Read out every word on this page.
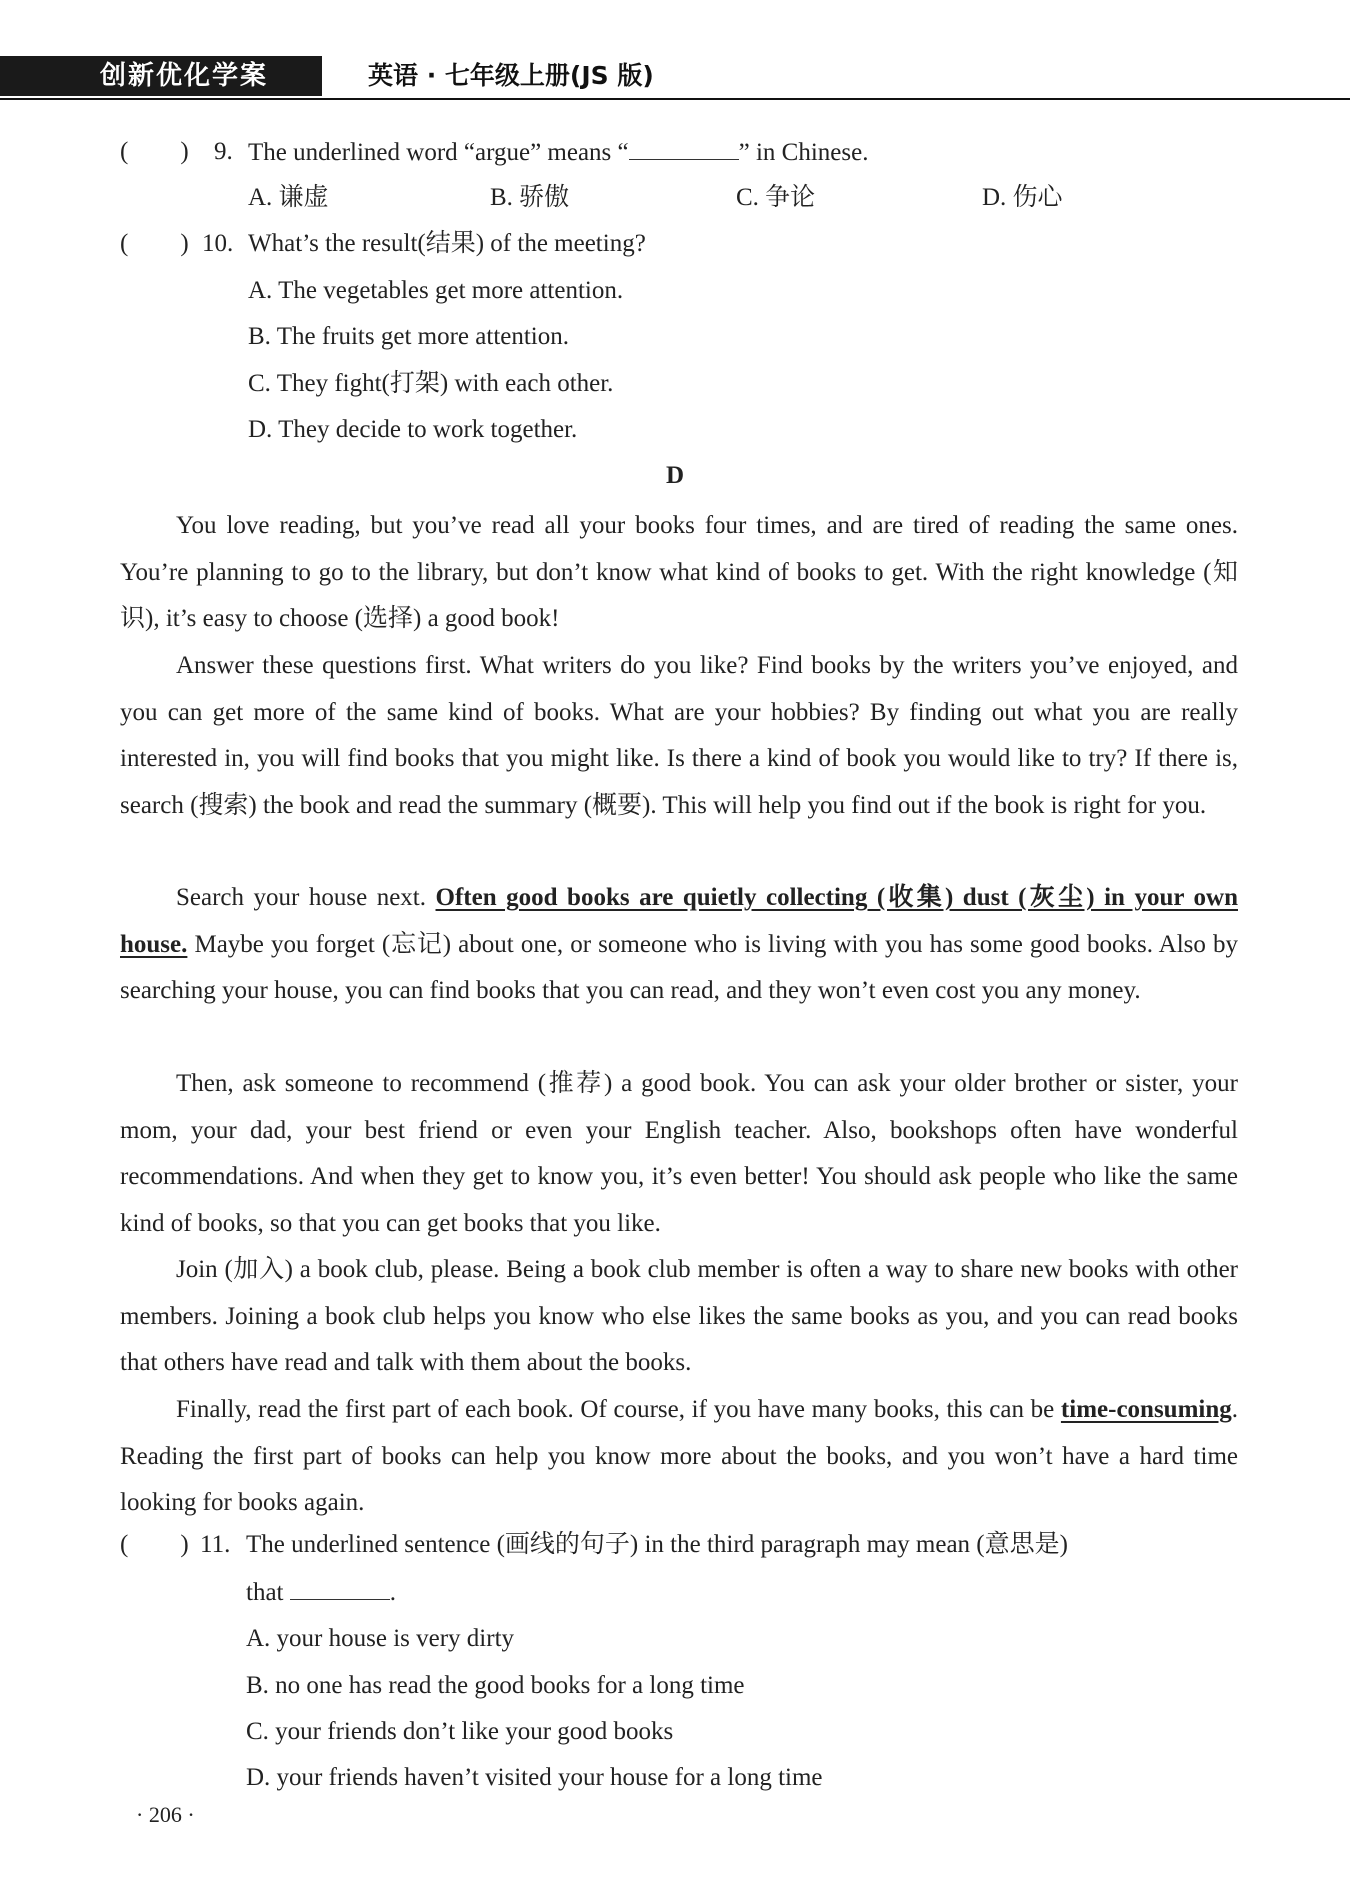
创新优化学案	英语 · 七年级上册(JS 版)
( ) 9. The underlined word “argue” means “	” in Chinese.
A. 谦虚	B. 骄傲	C. 争论	D. 伤心
( ) 10. What’s the result(结果) of the meeting?
A. The vegetables get more attention.
B. The fruits get more attention.
C. They fight(打架) with each other.
D. They decide to work together.
D

You love reading, but you’ve read all your books four times, and are tired of reading the same ones. You’re planning to go to the library, but don’t know what kind of books to get. With the right knowledge (知识), it’s easy to choose (选择) a good book!

Answer these questions first. What writers do you like? Find books by the writers you’ve enjoyed, and you can get more of the same kind of books. What are your hobbies? By finding out what you are really interested in, you will find books that you might like. Is there a kind of book you would like to try? If there is, search (搜索) the book and read the summary (概要). This will help you find out if the book is right for you.

Search your house next. Often good books are quietly collecting (收集) dust (灰尘) in your own house. Maybe you forget (忘记) about one, or someone who is living with you has some good books. Also by searching your house, you can find books that you can read, and they won’t even cost you any money.

Then, ask someone to recommend (推荐) a good book. You can ask your older brother or sister, your mom, your dad, your best friend or even your English teacher. Also, bookshops often have wonderful recommendations. And when they get to know you, it’s even better! You should ask people who like the same kind of books, so that you can get books that you like.

Join (加入) a book club, please. Being a book club member is often a way to share new books with other members. Joining a book club helps you know who else likes the same books as you, and you can read books that others have read and talk with them about the books.

Finally, read the first part of each book. Of course, if you have many books, this can be time-consuming. Reading the first part of books can help you know more about the books, and you won’t have a hard time looking for books again.

( ) 11. The underlined sentence (画线的句子) in the third paragraph may mean (意思是)
that	.
A. your house is very dirty
B. no one has read the good books for a long time
C. your friends don’t like your good books
D. your friends haven’t visited your house for a long time
· 206 ·
